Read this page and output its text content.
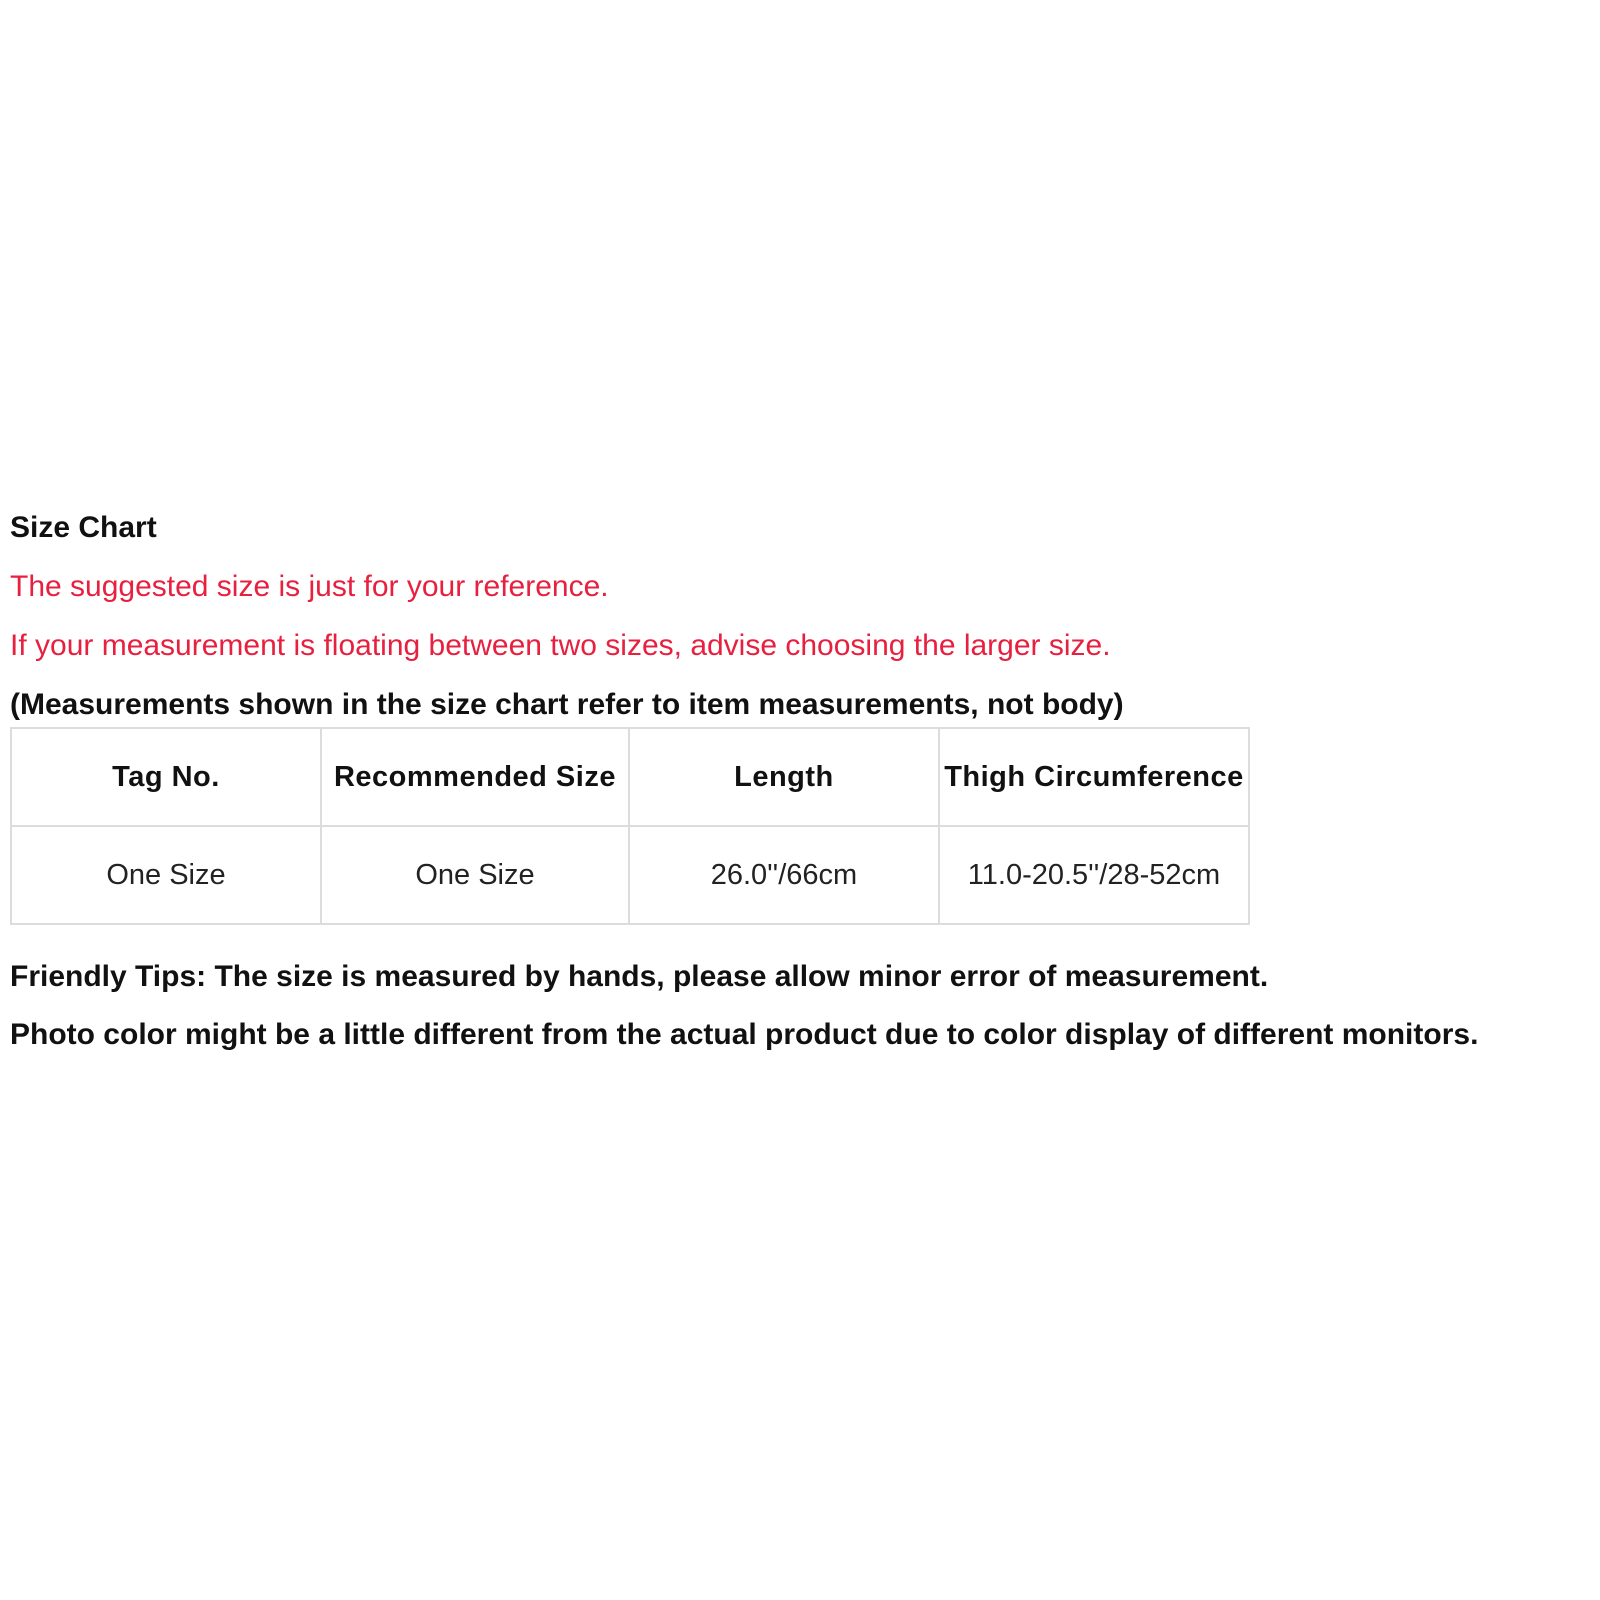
Size Chart
The suggested size is just for your reference.
If your measurement is floating between two sizes, advise choosing the larger size.
(Measurements shown in the size chart refer to item measurements, not body)
Tag No.	Recommended Size	Length	Thigh Circumference
One Size	One Size	26.0''/66cm	11.0-20.5''/28-52cm
Friendly Tips: The size is measured by hands, please allow minor error of measurement.
Photo color might be a little different from the actual product due to color display of different monitors.
